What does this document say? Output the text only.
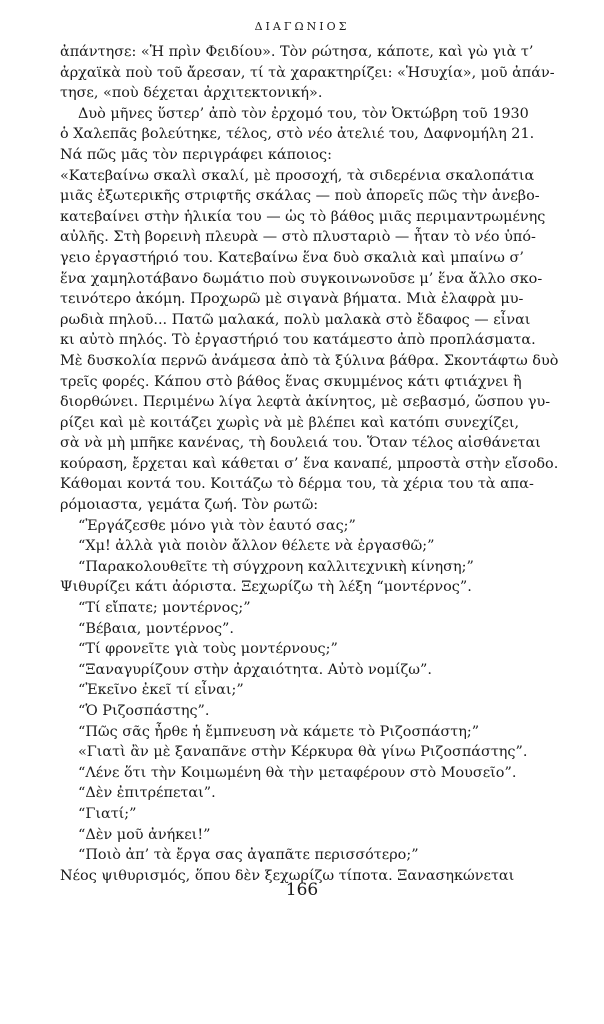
ΔΙΑΓΩΝΙΟΣ
ἀπάντησε: «Ἡ πρὶν Φειδίου». Τὸν ρώτησα, κάποτε, καὶ γὼ γιὰ τ’
ἀρχαϊκὰ ποὺ τοῦ ἄρεσαν, τί τὰ χαρακτηρίζει: «Ἡσυχία», μοῦ ἀπάν-
τησε, «ποὺ δέχεται ἀρχιτεκτονική».
Δυὸ μῆνες ὕστερ’ ἀπὸ τὸν ἐρχομό του, τὸν Ὀκτώβρη τοῦ 1930
ὁ Χαλεπᾶς βολεύτηκε, τέλος, στὸ νέο ἀτελιέ του, Δαφνομήλη 21.
Νά πῶς μᾶς τὸν περιγράφει κάποιος:
«Κατεβαίνω σκαλὶ σκαλί, μὲ προσοχή, τὰ σιδερένια σκαλοπάτια
μιᾶς ἐξωτερικῆς στριφτῆς σκάλας — ποὺ ἀπορεῖς πῶς τὴν ἀνεβο-
κατεβαίνει στὴν ἡλικία του — ὡς τὸ βάθος μιᾶς περιμαντρωμένης
αὐλῆς. Στὴ βορεινὴ πλευρὰ — στὸ πλυσταριὸ — ἦταν τὸ νέο ὑπό-
γειο ἐργαστήριό του. Κατεβαίνω ἕνα δυὸ σκαλιὰ καὶ μπαίνω σ’
ἕνα χαμηλοτάβανο δωμάτιο ποὺ συγκοινωνοῦσε μ’ ἕνα ἄλλο σκο-
τεινότερο ἀκόμη. Προχωρῶ μὲ σιγανὰ βήματα. Μιὰ ἐλαφρὰ μυ-
ρωδιὰ πηλοῦ... Πατῶ μαλακά, πολὺ μαλακὰ στὸ ἔδαφος — εἶναι
κι αὐτὸ πηλός. Τὸ ἐργαστήριό του κατάμεστο ἀπὸ προπλάσματα.
Μὲ δυσκολία περνῶ ἀνάμεσα ἀπὸ τὰ ξύλινα βάθρα. Σκοντάφτω δυὸ
τρεῖς φορές. Κάπου στὸ βάθος ἕνας σκυμμένος κάτι φτιάχνει ἢ
διορθώνει. Περιμένω λίγα λεφτὰ ἀκίνητος, μὲ σεβασμό, ὥσπου γυ-
ρίζει καὶ μὲ κοιτάζει χωρὶς νὰ μὲ βλέπει καὶ κατόπι συνεχίζει,
σὰ νὰ μὴ μπῆκε κανένας, τὴ δουλειά του. Ὅταν τέλος αἰσθάνεται
κούραση, ἔρχεται καὶ κάθεται σ’ ἕνα καναπέ, μπροστὰ στὴν εἴσοδο.
Κάθομαι κοντά του. Κοιτάζω τὸ δέρμα του, τὰ χέρια του τὰ απα-
ρόμοιαστα, γεμάτα ζωή. Τὸν ρωτῶ:
“Ἐργάζεσθε μόνο γιὰ τὸν ἑαυτό σας;”
“Χμ! ἀλλὰ γιὰ ποιὸν ἄλλον θέλετε νὰ ἐργασθῶ;”
“Παρακολουθεῖτε τὴ σύγχρονη καλλιτεχνικὴ κίνηση;”
Ψιθυρίζει κάτι ἀόριστα. Ξεχωρίζω τὴ λέξη “μοντέρνος”.
“Τί εἴπατε; μοντέρνος;”
“Βέβαια, μοντέρνος”.
“Τί φρονεῖτε γιὰ τοὺς μοντέρνους;”
“Ξαναγυρίζουν στὴν ἀρχαιότητα. Αὐτὸ νομίζω”.
“Ἐκεῖνο ἐκεῖ τί εἶναι;”
“Ὁ Ριζοσπάστης”.
“Πῶς σᾶς ἦρθε ἡ ἔμπνευση νὰ κάμετε τὸ Ριζοσπάστη;”
«Γιατὶ ἂν μὲ ξαναπᾶνε στὴν Κέρκυρα θὰ γίνω Ριζοσπάστης”.
“Λένε ὅτι τὴν Κοιμωμένη θὰ τὴν μεταφέρουν στὸ Μουσεῖο”.
“Δὲν ἐπιτρέπεται”.
“Γιατί;”
“Δὲν μοῦ ἀνήκει!”
“Ποιὸ ἀπ’ τὰ ἔργα σας ἀγαπᾶτε περισσότερο;”
Νέος ψιθυρισμός, ὅπου δὲν ξεχωρίζω τίποτα. Ξανασηκώνεται
166
